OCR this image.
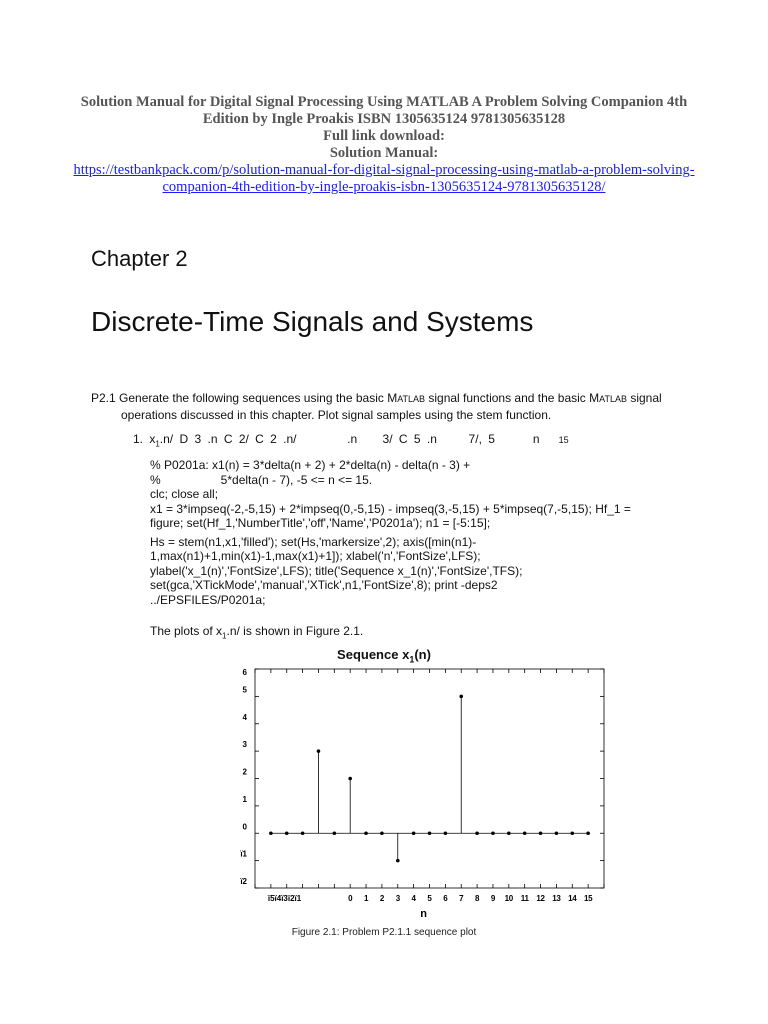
Solution Manual for Digital Signal Processing Using MATLAB A Problem Solving Companion 4th
Edition by Ingle Proakis ISBN 1305635124 9781305635128
Full link download:
Solution Manual:
https://testbankpack.com/p/solution-manual-for-digital-signal-processing-using-matlab-a-problem-solving-
companion-4th-edition-by-ingle-proakis-isbn-1305635124-9781305635128/
Chapter 2
Discrete-Time Signals and Systems
P2.1 Generate the following sequences using the basic MATLAB signal functions and the basic MATLAB signal operations discussed in this chapter. Plot signal samples using the stem function.
1. $x_1.n/$ D 3 .n C 2/ C 2 .n/        .n    3/ C 5 .n     7/, 5      n   15
% P0201a: x1(n) = 3*delta(n + 2) + 2*delta(n) - delta(n - 3) +
%                  5*delta(n - 7), -5 <= n <= 15.
clc; close all;
x1 = 3*impseq(-2,-5,15) + 2*impseq(0,-5,15) - impseq(3,-5,15) + 5*impseq(7,-5,15); Hf_1 =
figure; set(Hf_1,'NumberTitle','off','Name','P0201a'); n1 = [-5:15];

Hs = stem(n1,x1,'filled'); set(Hs,'markersize',2); axis([min(n1)-
1,max(n1)+1,min(x1)-1,max(x1)+1]); xlabel('n','FontSize',LFS);
ylabel('x_1(n)','FontSize',LFS); title('Sequence x_1(n)','FontSize',TFS);
set(gca,'XTickMode','manual','XTick',n1,'FontSize',8); print -deps2
../EPSFILES/P0201a;
The plots of $x_1.n/$ is shown in Figure 2.1.
Sequence $x_1(n)$
6
5
4
3
2
1
0
ï1
ï2
ï5ï4ï3ï2ï1	0 1 2 3 4 5 6 7 8 9 10 11 12 13 14 15
n
Figure 2.1: Problem P2.1.1 sequence plot
